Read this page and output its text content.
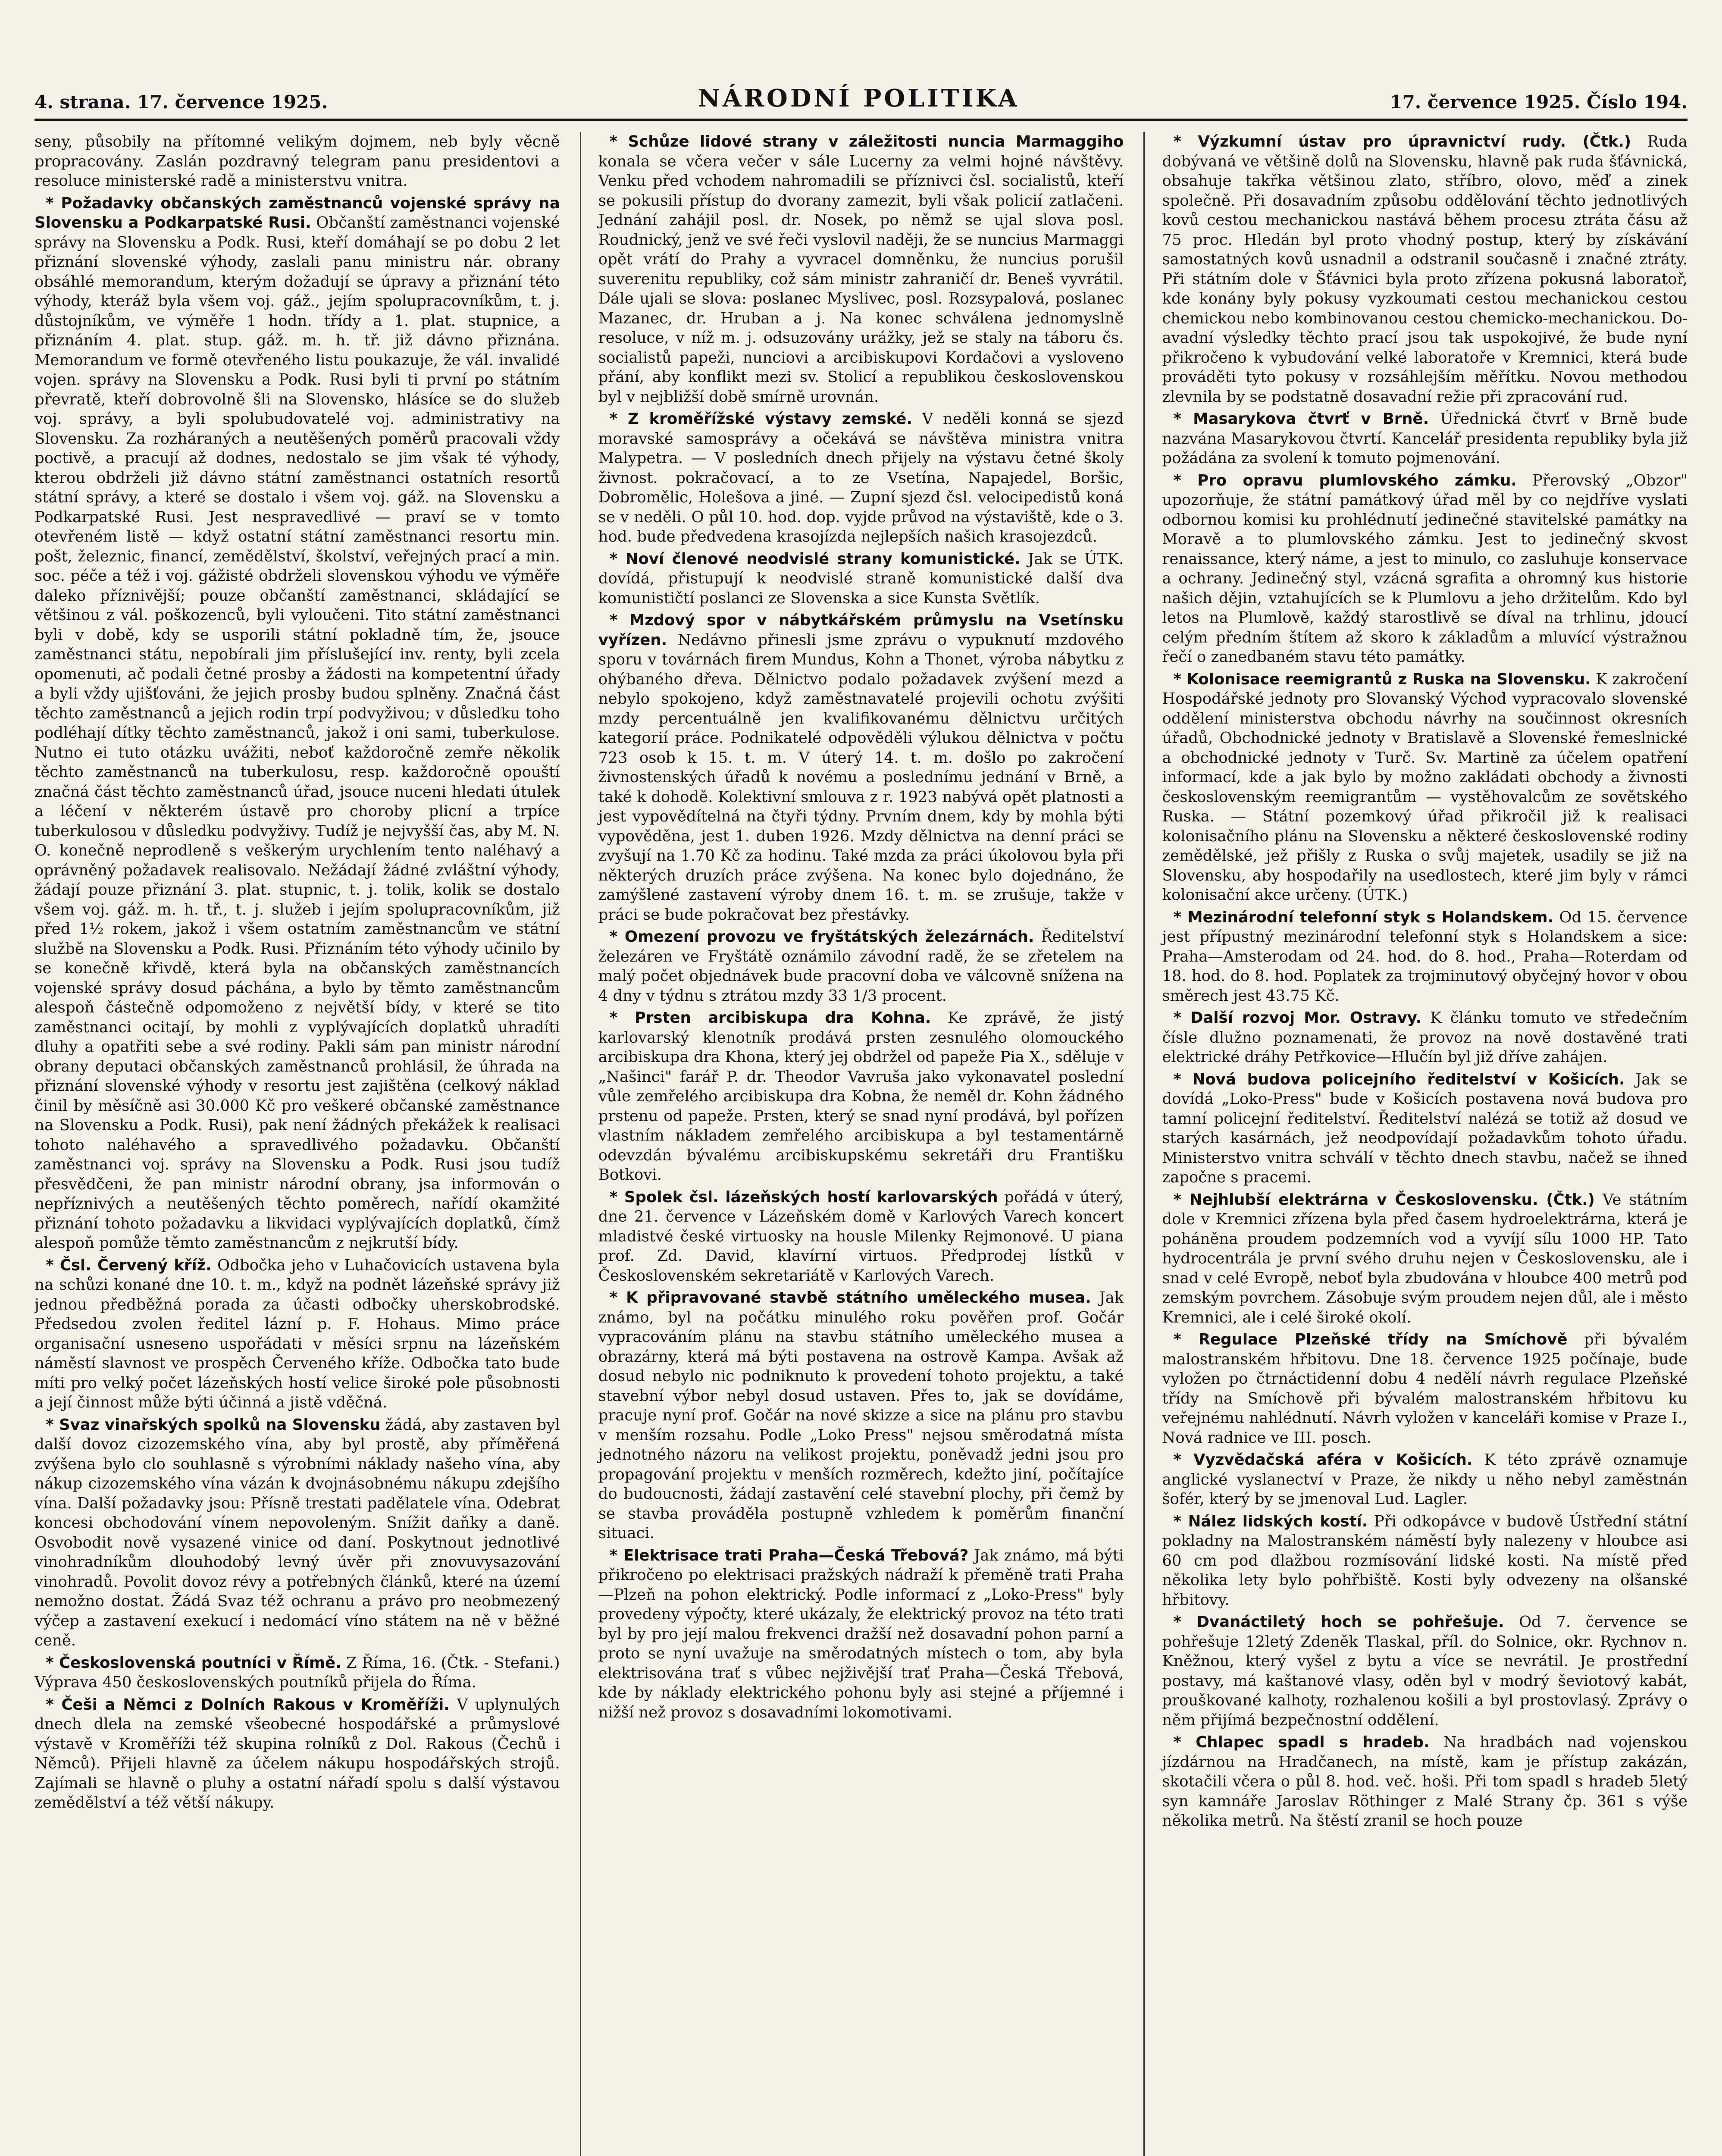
4. strana. 17. července 1925.	NÁRODNÍ POLITIKA	17. července 1925. Číslo 194.

seny, působily na přítomné velikým dojmem, neb byly věcně propracovány. Zaslán pozdravný telegram panu presidentovi a resoluce ministerské radě a ministerstvu vnitra.

* Požadavky občanských zaměstnanců vojenské správy na Slovensku a Podkarpatské Rusi. Občanští zaměstnanci vojenské správy na Slovensku a Podk. Rusi, kteří domáhají se po dobu 2 let přiznání slovenské výhody, zaslali panu ministru nár. obrany obsáhlé memorandum, kterým dožadují se úpravy a přiznání této výhody, kteráž byla všem voj. gáž., jejím spolupracovníkům, t. j. důstojníkům, ve výměře 1 hodn. třídy a 1. plat. stupnice, a přiznáním 4. plat. stup. gáž. m. h. tř. již dávno přiznána. Memorandum ve formě otevřeného listu poukazuje, že vál. invalidé vojen. správy na Slovensku a Podk. Rusi byli ti první po státním převratě, kteří dobrovolně šli na Slovensko, hlásíce se do služeb voj. správy, a byli spolubudovatelé voj. administrativy na Slovensku. Za rozháraných a neutěšených poměrů pracovali vždy poctivě, a pracují až dodnes, nedostalo se jim však té výhody, kterou obdrželi již dávno státní zaměstnanci ostatních resortů státní správy, a které se dostalo i všem voj. gáž. na Slovensku a Podkarpatské Rusi. Jest nespravedlivé — praví se v tomto otevřeném listě — když ostatní státní zaměstnanci resortu min. pošt, železnic, financí, zemědělství, školství, veřejných prací a min. soc. péče a též i voj. gážisté obdrželi slovenskou výhodu ve výměře daleko příznivější; pouze občanští zaměstnanci, skládající se většinou z vál. poškozenců, byli vyloučeni. Tito státní zaměstnanci byli v době, kdy se usporili státní pokladně tím, že, jsouce zaměstnanci státu, nepobírali jim příslušející inv. renty, byli zcela opomenuti, ač podali četné prosby a žádosti na kompetentní úřady a byli vždy ujišťováni, že jejich prosby budou splněny. Značná část těchto zaměstnanců a jejich rodin trpí podvyživou; v důsledku toho podléhají dítky těchto zaměstnanců, jakož i oni sami, tuberkulose. Nutno ei tuto otázku uvážiti, neboť každoročně zemře několik těchto zaměstnanců na tuberkulosu, resp. každoročně opouští značná část těchto zaměstnanců úřad, jsouce nuceni hledati útulek a léčení v některém ústavě pro choroby plicní a trpíce tuberkulosou v důsledku podvyživy. Tudíž je nejvyšší čas, aby M. N. O. konečně neprodleně s veškerým urychlením tento naléhavý a oprávněný požadavek realisovalo. Nežádají žádné zvláštní výhody, žádají pouze přiznání 3. plat. stupnic, t. j. tolik, kolik se dostalo všem voj. gáž. m. h. tř., t. j. služeb i jejím spolupracovníkům, již před 1½ rokem, jakož i všem ostatním zaměstnancům ve státní službě na Slovensku a Podk. Rusi. Přiznáním této výhody učinilo by se konečně křivdě, která byla na občanských zaměstnancích vojenské správy dosud páchána, a bylo by těmto zaměstnancům alespoň částečně odpomoženo z největší bídy, v které se tito zaměstnanci ocitají, by mohli z vyplývajících doplatků uhradíti dluhy a opatřiti sebe a své rodiny. Pakli sám pan ministr národní obrany deputaci občanských zaměstnanců prohlásil, že úhrada na přiznání slovenské výhody v resortu jest zajištěna (celkový náklad činil by měsíčně asi 30.000 Kč pro veškeré občanské zaměstnance na Slovensku a Podk. Rusi), pak není žádných překážek k realisaci tohoto naléhavého a spravedlivého požadavku. Občanští zaměstnanci voj. správy na Slovensku a Podk. Rusi jsou tudíž přesvědčeni, že pan ministr národní obrany, jsa informován o nepříznivých a neutěšených těchto poměrech, nařídí okamžité přiznání tohoto požadavku a likvidaci vyplývajících doplatků, čímž alespoň pomůže těmto zaměstnancům z nejkrutší bídy.

* Čsl. Červený kříž. Odbočka jeho v Luhačovicích ustavena byla na schůzi konané dne 10. t. m., když na podnět lázeňské správy již jednou předběžná porada za účasti odbočky uherskobrodské. Předsedou zvolen ředitel lázní p. F. Hohaus. Mimo práce organisační usneseno uspořádati v měsíci srpnu na lázeňském náměstí slavnost ve prospěch Červeného kříže. Odbočka tato bude míti pro velký počet lázeňských hostí velice široké pole působnosti a její činnost může býti účinná a jistě vděčná.

* Svaz vinařských spolků na Slovensku žádá, aby zastaven byl další dovoz cizozemského vína, aby byl prostě, aby příměřená zvýšena bylo clo souhlasně s výrobními náklady našeho vína, aby nákup cizozemského vína vázán k dvojnásobnému nákupu zdejšího vína. Další požadavky jsou: Přísně trestati padělatele vína. Odebrat koncesi obchodování vínem nepovoleným. Snížit daňky a daně. Osvobodit nově vysazené vinice od daní. Poskytnout jednotlivé vinohradníkům dlouhodobý levný úvěr při znovuvysazování vinohradů. Povolit dovoz révy a potřebných článků, které na území nemožno dostat. Žádá Svaz též ochranu a právo pro neobmezený výčep a zastavení exekucí i nedomácí víno státem na ně v běžné ceně.

* Československá poutníci v Římě. Z Říma, 16. (Čtk. - Stefani.) Výprava 450 československých poutníků přijela do Říma.

* Češi a Němci z Dolních Rakous v Kroměříži. V uplynulých dnech dlela na zemské všeobecné hospodářské a průmyslové výstavě v Kroměříži též skupina rolníků z Dol. Rakous (Čechů i Němců). Přijeli hlavně za účelem nákupu hospodářských strojů. Zajímali se hlavně o pluhy a ostatní nářadí spolu s další výstavou zemědělství a též větší nákupy.

* Schůze lidové strany v záležitosti nuncia Marmaggiho konala se včera večer v sále Lucerny za velmi hojné návštěvy. Venku před vchodem nahromadili se příznivci čsl. socialistů, kteří se pokusili přístup do dvorany zamezit, byli však policií zatlačeni. Jednání zahájil posl. dr. Nosek, po němž se ujal slova posl. Roudnický, jenž ve své řeči vyslovil naději, že se nuncius Marmaggi opět vrátí do Prahy a vyvracel domněnku, že nuncius porušil suverenitu republiky, což sám ministr zahraničí dr. Beneš vyvrátil. Dále ujali se slova: poslanec Myslivec, posl. Rozsypalová, poslanec Mazanec, dr. Hruban a j. Na konec schválena jednomyslně resoluce, v níž m. j. odsuzovány urážky, jež se staly na táboru čs. socialistů papeži, nunciovi a arcibiskupovi Kordačovi a vysloveno přání, aby konflikt mezi sv. Stolicí a republikou československou byl v nejbližší době smírně urovnán.

* Z kroměřížské výstavy zemské. V neděli konná se sjezd moravské samosprávy a očekává se návštěva ministra vnitra Malypetra. — V posledních dnech přijely na výstavu četné školy živnost. pokračovací, a to ze Vsetína, Napajedel, Boršic, Dobromělic, Holešova a jiné. — Zupní sjezd čsl. velocipedistů koná se v neděli. O půl 10. hod. dop. vyjde průvod na výstaviště, kde o 3. hod. bude předvedena krasojízda nejlepších našich krasojezdců.

* Noví členové neodvislé strany komunistické. Jak se ÚTK. dovídá, přistupují k neodvislé straně komunistické další dva komunističtí poslanci ze Slovenska a sice Kunsta Světlík.

* Mzdový spor v nábytkářském průmyslu na Vsetínsku vyřízen. Nedávno přinesli jsme zprávu o vypuknutí mzdového sporu v továrnách firem Mundus, Kohn a Thonet, výroba nábytku z ohýbaného dřeva. Dělnictvo podalo požadavek zvýšení mezd a nebylo spokojeno, když zaměstnavatelé projevili ochotu zvýšiti mzdy percentuálně jen kvalifikovanému dělnictvu určitých kategorií práce. Podnikatelé odpověděli výlukou dělnictva v počtu 723 osob k 15. t. m. V úterý 14. t. m. došlo po zakročení živnostenských úřadů k novému a poslednímu jednání v Brně, a také k dohodě. Kolektivní smlouva z r. 1923 nabývá opět platnosti a jest vypovědítelná na čtyři týdny. Prvním dnem, kdy by mohla býti vypověděna, jest 1. duben 1926. Mzdy dělnictva na denní práci se zvyšují na 1.70 Kč za hodinu. Také mzda za práci úkolovou byla při některých druzích práce zvýšena. Na konec bylo dojednáno, že zamýšlené zastavení výroby dnem 16. t. m. se zrušuje, takže v práci se bude pokračovat bez přestávky.

* Omezení provozu ve fryštátských železárnách. Ředitelství železáren ve Fryštátě oznámilo závodní radě, že se zřetelem na malý počet objednávek bude pracovní doba ve válcovně snížena na 4 dny v týdnu s ztrátou mzdy 33 1/3 procent.

* Prsten arcibiskupa dra Kohna. Ke zprávě, že jistý karlovarský klenotník prodává prsten zesnulého olomouckého arcibiskupa dra Khona, který jej obdržel od papeže Pia X., sděluje v „Našinci" farář P. dr. Theodor Vavruša jako vykonavatel poslední vůle zemřelého arcibiskupa dra Kobna, že neměl dr. Kohn žádného prstenu od papeže. Prsten, který se snad nyní prodává, byl pořízen vlastním nákladem zemřelého arcibiskupa a byl testamentárně odevzdán bývalému arcibiskupskému sekretáři dru Františku Botkovi.

* Spolek čsl. lázeňských hostí karlovarských pořádá v úterý, dne 21. července v Lázeňském domě v Karlových Varech koncert mladistvé české virtuosky na housle Milenky Rejmonové. U piana prof. Zd. David, klavírní virtuos. Předprodej lístků v Československém sekretariátě v Karlových Varech.

* K připravované stavbě státního uměleckého musea. Jak známo, byl na počátku minulého roku pověřen prof. Gočár vypracováním plánu na stavbu státního uměleckého musea a obrazárny, která má býti postavena na ostrově Kampa. Avšak až dosud nebylo nic podniknuto k provedení tohoto projektu, a také stavební výbor nebyl dosud ustaven. Přes to, jak se dovídáme, pracuje nyní prof. Gočár na nové skizze a sice na plánu pro stavbu v menším rozsahu. Podle „Loko Press" nejsou směrodatná místa jednotného názoru na velikost projektu, poněvadž jedni jsou pro propagování projektu v menších rozměrech, kdežto jiní, počítajíce do budoucnosti, žádají zastavění celé stavební plochy, při čemž by se stavba prováděla postupně vzhledem k poměrům finanční situaci.

* Elektrisace trati Praha—Česká Třebová? Jak známo, má býti přikročeno po elektrisaci pražských nádraží k přeměně trati Praha—Plzeň na pohon elektrický. Podle informací z „Loko-Press" byly provedeny výpočty, které ukázaly, že elektrický provoz na této trati byl by pro její malou frekvenci dražší než dosavadní pohon parní a proto se nyní uvažuje na směrodatných místech o tom, aby byla elektrisována trať s vůbec nejživější trať Praha—Česká Třebová, kde by náklady elektrického pohonu byly asi stejné a příjemné i nižší než provoz s dosavadními lokomotivami.

* Výzkumní ústav pro úpravnictví rudy. (Čtk.) Ruda dobývaná ve většině dolů na Slovensku, hlavně pak ruda šťávnická, obsahuje takřka většinou zlato, stříbro, olovo, měď a zinek společně. Při dosavadním způsobu oddělování těchto jednotlivých kovů cestou mechanickou nastává během procesu ztráta čásu až 75 proc. Hledán byl proto vhodný postup, který by získávání samostatných kovů usnadnil a odstranil současně i značné ztráty. Při státním dole v Šťávnici byla proto zřízena pokusná laboratoř, kde konány byly pokusy vyzkoumati cestou mechanickou cestou chemickou nebo kombinovanou cestou chemicko-mechanickou. Do-avadní výsledky těchto prací jsou tak uspokojivé, že bude nyní přikročeno k vybudování velké laboratoře v Kremnici, která bude prováděti tyto pokusy v rozsáhlejším měřítku. Novou methodou zlevnila by se podstatně dosavadní režie při zpracování rud.

* Masarykova čtvrť v Brně. Úřednická čtvrť v Brně bude nazvána Masarykovou čtvrtí. Kancelář presidenta republiky byla již požádána za svolení k tomuto pojmenování.

* Pro opravu plumlovského zámku. Přerovský „Obzor" upozorňuje, že státní památkový úřad měl by co nejdříve vyslati odbornou komisi ku prohlédnutí jedinečné stavitelské památky na Moravě a to plumlovského zámku. Jest to jedinečný skvost renaissance, který náme, a jest to minulo, co zasluhuje konservace a ochrany. Jedinečný styl, vzácná sgrafita a ohromný kus historie našich dějin, vztahujících se k Plumlovu a jeho držitelům. Kdo byl letos na Plumlově, každý starostlivě se díval na trhlinu, jdoucí celým předním štítem až skoro k základům a mluvící výstražnou řečí o zanedbaném stavu této památky.

* Kolonisace reemigrantů z Ruska na Slovensku. K zakročení Hospodářské jednoty pro Slovanský Východ vypracovalo slovenské oddělení ministerstva obchodu návrhy na součinnost okresních úřadů, Obchodnické jednoty v Bratislavě a Slovenské řemeslnické a obchodnické jednoty v Turč. Sv. Martině za účelem opatření informací, kde a jak bylo by možno zakládati obchody a živnosti československým reemigrantům — vystěhovalcům ze sovětského Ruska. — Státní pozemkový úřad přikročil již k realisaci kolonisačního plánu na Slovensku a některé československé rodiny zemědělské, jež přišly z Ruska o svůj majetek, usadily se již na Slovensku, aby hospodařily na usedlostech, které jim byly v rámci kolonisační akce určeny. (ÚTK.)

* Mezinárodní telefonní styk s Holandskem. Od 15. července jest přípustný mezinárodní telefonní styk s Holandskem a sice: Praha—Amsterodam od 24. hod. do 8. hod., Praha—Roterdam od 18. hod. do 8. hod. Poplatek za trojminutový obyčejný hovor v obou směrech jest 43.75 Kč.

* Další rozvoj Mor. Ostravy. K článku tomuto ve středečním čísle dlužno poznamenati, že provoz na nově dostavěné trati elektrické dráhy Petřkovice—Hlučín byl již dříve zahájen.

* Nová budova policejního ředitelství v Košicích. Jak se dovídá „Loko-Press" bude v Košicích postavena nová budova pro tamní policejní ředitelství. Ředitelství nalézá se totiž až dosud ve starých kasárnách, jež neodpovídají požadavkům tohoto úřadu. Ministerstvo vnitra schválí v těchto dnech stavbu, načež se ihned započne s pracemi.

* Nejhlubší elektrárna v Československu. (Čtk.) Ve státním dole v Kremnici zřízena byla před časem hydroelektrárna, která je poháněna proudem podzemních vod a vyvíjí sílu 1000 HP. Tato hydrocentrála je první svého druhu nejen v Československu, ale i snad v celé Evropě, neboť byla zbudována v hloubce 400 metrů pod zemským povrchem. Zásobuje svým proudem nejen důl, ale i město Kremnici, ale i celé široké okolí.

* Regulace Plzeňské třídy na Smíchově při bývalém malostranském hřbitovu. Dne 18. července 1925 počínaje, bude vyložen po čtrnáctidenní dobu 4 nedělí návrh regulace Plzeňské třídy na Smíchově při bývalém malostranském hřbitovu ku veřejnému nahlédnutí. Návrh vyložen v kanceláři komise v Praze I., Nová radnice ve III. posch.

* Vyzvědačská aféra v Košicích. K této zprávě oznamuje anglické vyslanectví v Praze, že nikdy u něho nebyl zaměstnán šofér, který by se jmenoval Lud. Lagler.

* Nález lidských kostí. Při odkopávce v budově Ústřední státní pokladny na Malostranském náměstí byly nalezeny v hloubce asi 60 cm pod dlažbou rozmísování lidské kosti. Na místě před několika lety bylo pohřbiště. Kosti byly odvezeny na olšanské hřbitovy.

* Dvanáctiletý hoch se pohřešuje. Od 7. července se pohřešuje 12letý Zdeněk Tlaskal, příl. do Solnice, okr. Rychnov n. Kněžnou, který vyšel z bytu a více se nevrátil. Je prostřední postavy, má kaštanové vlasy, oděn byl v modrý ševiotový kabát, prouškované kalhoty, rozhalenou košili a byl prostovlasý. Zprávy o něm přijímá bezpečnostní oddělení.

* Chlapec spadl s hradeb. Na hradbách nad vojenskou jízdárnou na Hradčanech, na místě, kam je přístup zakázán, skotačili včera o půl 8. hod. več. hoši. Při tom spadl s hradeb 5letý syn kamnáře Jaroslav Röthinger z Malé Strany čp. 361 s výše několika metrů. Na štěstí zranil se hoch pouze
